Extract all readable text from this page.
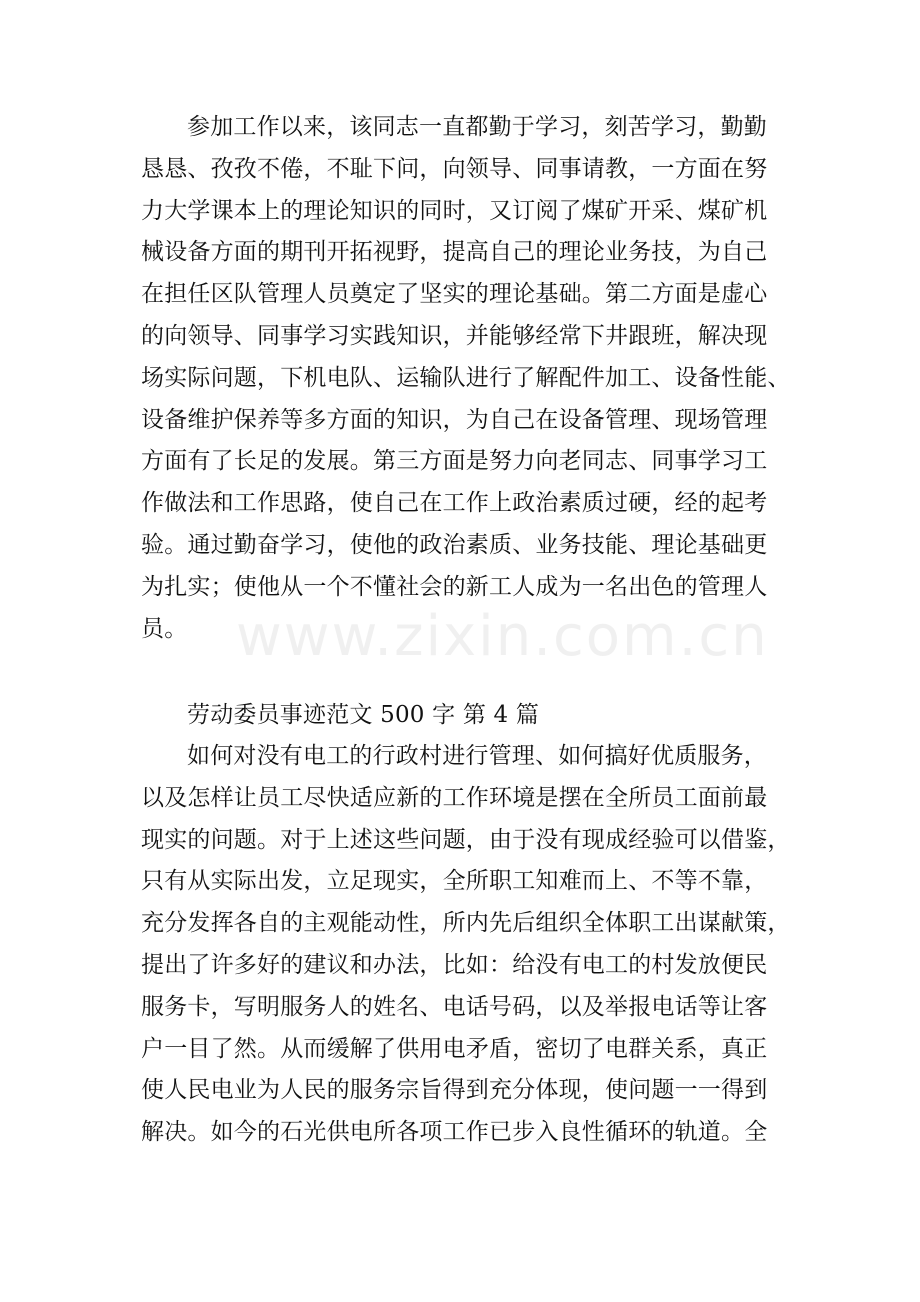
www.zixin.com.cn
参加工作以来，该同志一直都勤于学习，刻苦学习，勤勤
恳恳、孜孜不倦，不耻下问，向领导、同事请教，一方面在努
力大学课本上的理论知识的同时，又订阅了煤矿开采、煤矿机
械设备方面的期刊开拓视野，提高自己的理论业务技，为自己
在担任区队管理人员奠定了坚实的理论基础。第二方面是虚心
的向领导、同事学习实践知识，并能够经常下井跟班，解决现
场实际问题，下机电队、运输队进行了解配件加工、设备性能、
设备维护保养等多方面的知识，为自己在设备管理、现场管理
方面有了长足的发展。第三方面是努力向老同志、同事学习工
作做法和工作思路，使自己在工作上政治素质过硬，经的起考
验。通过勤奋学习，使他的政治素质、业务技能、理论基础更
为扎实；使他从一个不懂社会的新工人成为一名出色的管理人
员。
劳动委员事迹范文 500 字 第 4 篇
如何对没有电工的行政村进行管理、如何搞好优质服务，
以及怎样让员工尽快适应新的工作环境是摆在全所员工面前最
现实的问题。对于上述这些问题，由于没有现成经验可以借鉴，
只有从实际出发，立足现实，全所职工知难而上、不等不靠，
充分发挥各自的主观能动性，所内先后组织全体职工出谋献策，
提出了许多好的建议和办法，比如：给没有电工的村发放便民
服务卡，写明服务人的姓名、电话号码，以及举报电话等让客
户一目了然。从而缓解了供用电矛盾，密切了电群关系，真正
使人民电业为人民的服务宗旨得到充分体现，使问题一一得到
解决。如今的石光供电所各项工作已步入良性循环的轨道。全
